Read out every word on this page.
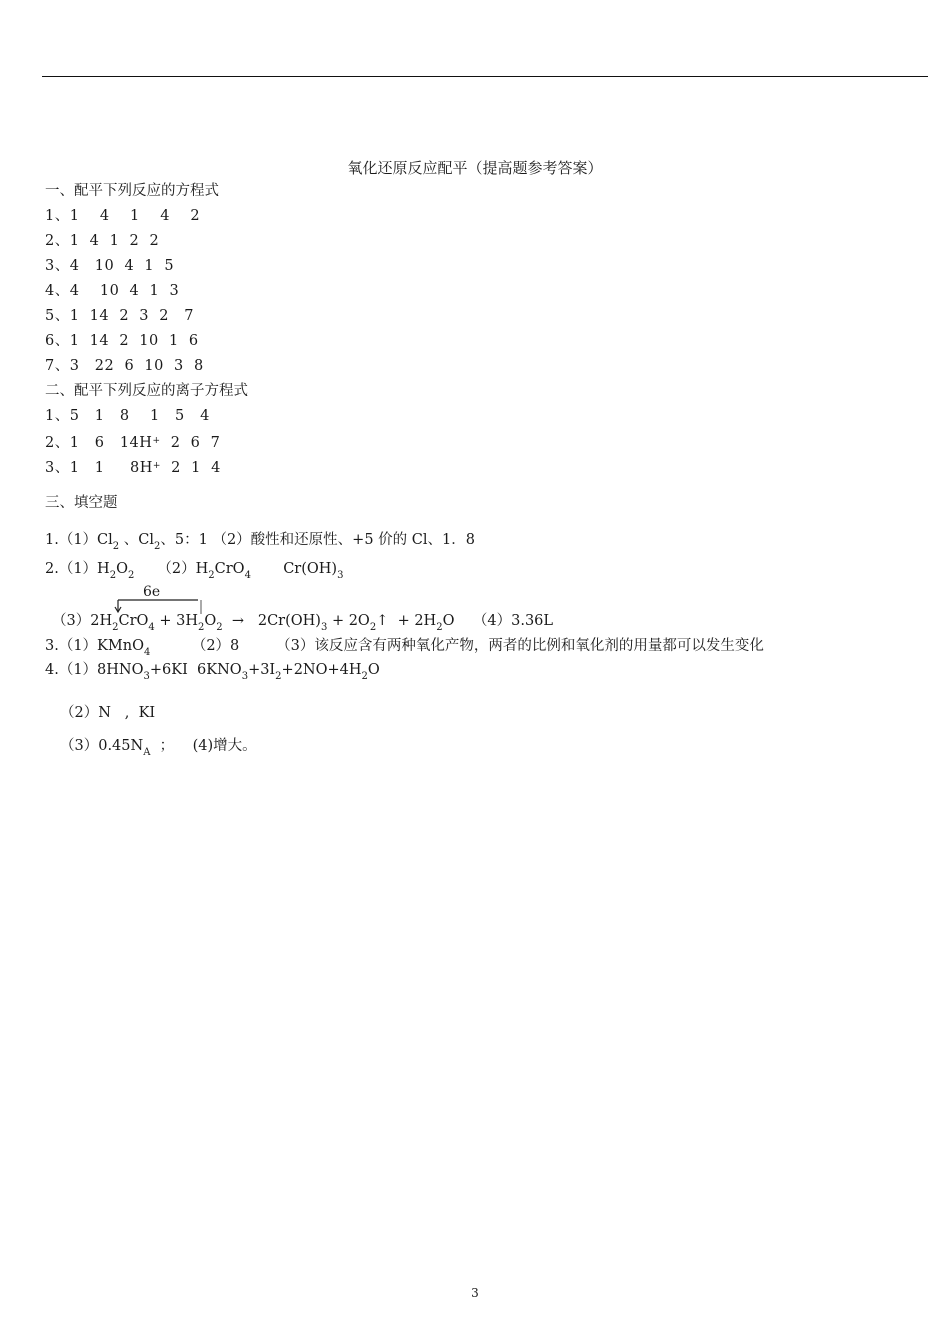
氧化还原反应配平（提高题参考答案）
一、配平下列反应的方程式
1、1    4    1    4    2
2、1  4  1  2  2
3、4   10  4  1  5
4、4    10  4  1  3
5、1  14  2  3  2   7
6、1  14  2  10  1  6
7、3   22  6  10  3  8
二、配平下列反应的离子方程式
1、5   1   8    1   5   4
2、1   6   14H+  2  6  7
3、1   1     8H+  2  1  4
三、填空题
$1.(1)Cl_2$ 、$Cl_2$、5：1 （2）酸性和还原性、+5 价的 Cl、1．8
$2.(1)H_2O_2$     $(2)H_2CrO_4$       $Cr(OH)_3$
6e
$(3)2H_2CrO_4 + 3H_2O_2 \to 2Cr(OH)_3$ + $2O_2↑ + 2H_2O$    （4）3.36L
3.（1）KMnO$_4$         （2）8        （3）该反应含有两种氧化产物，两者的比例和氧化剂的用量都可以发生变化
$4.(1)8HNO_3+6KI$  $6KNO_3+3I_2+2NO+4H_2O$
（2）N   ,  KI
$(3)0.45N_A$  ；    (4)增大。
3
